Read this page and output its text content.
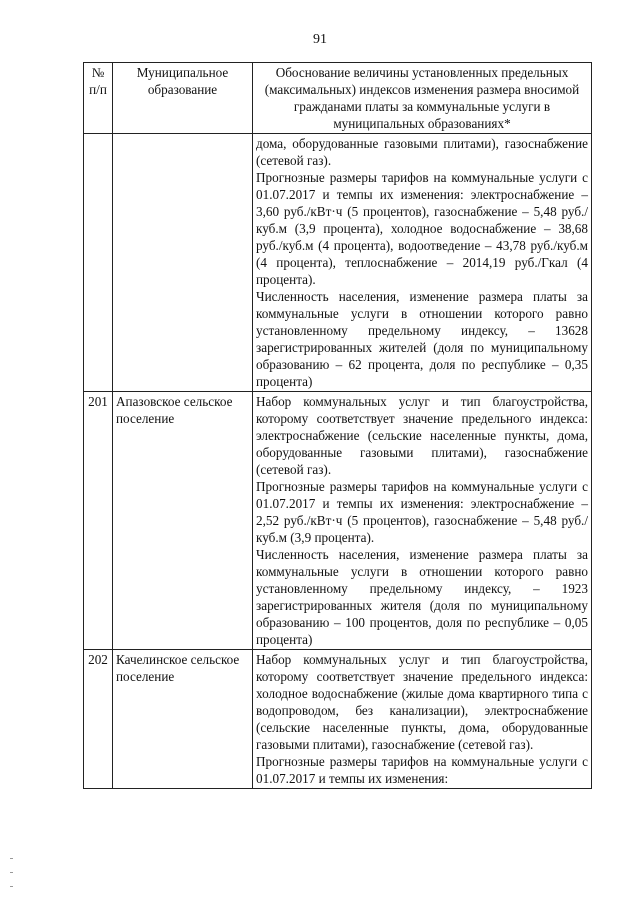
91
№ п/п	Муниципальное образование	Обоснование величины установленных предельных (максимальных) индексов изменения размера вносимой гражданами платы за коммунальные услуги в муниципальных образованиях*

		дома, оборудованные газовыми плитами), газоснабжение (сетевой газ).
Прогнозные размеры тарифов на коммунальные услуги с 01.07.2017 и темпы их изменения: электроснабжение – 3,60 руб./кВт·ч (5 процентов), газоснабжение – 5,48 руб./куб.м (3,9 процента), холодное водоснабжение – 38,68 руб./куб.м (4 процента), водоотведение – 43,78 руб./куб.м (4 процента), теплоснабжение – 2014,19 руб./Гкал (4 процента).
Численность населения, изменение размера платы за коммунальные услуги в отношении которого равно установленному предельному индексу, – 13628 зарегистрированных жителей (доля по муниципальному образованию – 62 процента, доля по республике – 0,35 процента)

201	Апазовское сельское поселение	Набор коммунальных услуг и тип благоустройства, которому соответствует значение предельного индекса: электроснабжение (сельские населенные пункты, дома, оборудованные газовыми плитами), газоснабжение (сетевой газ).
Прогнозные размеры тарифов на коммунальные услуги с 01.07.2017 и темпы их изменения: электроснабжение – 2,52 руб./кВт·ч (5 процентов), газоснабжение – 5,48 руб./куб.м (3,9 процента).
Численность населения, изменение размера платы за коммунальные услуги в отношении которого равно установленному предельному индексу, – 1923 зарегистрированных жителя (доля по муниципальному образованию – 100 процентов, доля по республике – 0,05 процента)

202	Качелинское сельское поселение	Набор коммунальных услуг и тип благоустройства, которому соответствует значение предельного индекса: холодное водоснабжение (жилые дома квартирного типа с водопроводом, без канализации), электроснабжение (сельские населенные пункты, дома, оборудованные газовыми плитами), газоснабжение (сетевой газ).
Прогнозные размеры тарифов на коммунальные услуги с 01.07.2017 и темпы их изменения:
